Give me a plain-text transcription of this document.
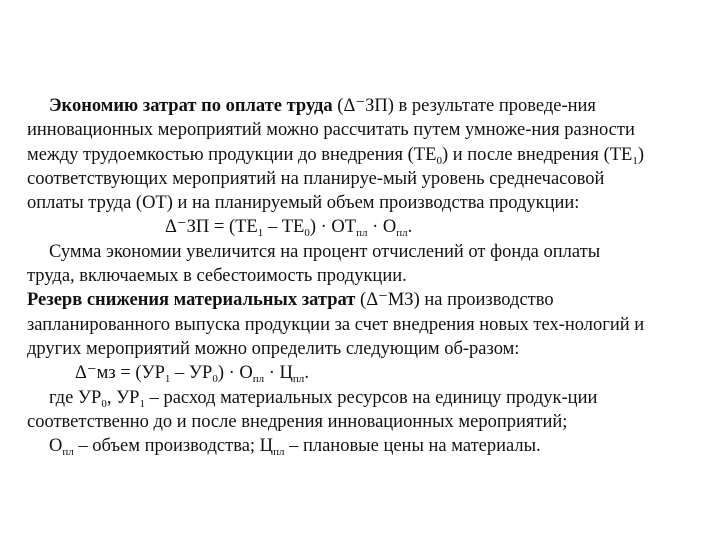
Экономию затрат по оплате труда (Δ⁻ЗП) в результате проведе-ния
инновационных мероприятий можно рассчитать путем умноже-ния разности
между трудоемкостью продукции до внедрения $(ТЕ_0)$ и после внедрения $(ТЕ_1)$
соответствующих мероприятий на планируе-мый уровень среднечасовой
оплаты труда (ОТ) и на планируемый объем производства продукции:
$\Delta^-ЗП = (ТЕ_1 - ТЕ_0) \cdot ОТ_{пл} \cdot О_{пл}$.
Сумма экономии увеличится на процент отчислений от фонда оплаты
труда, включаемых в себестоимость продукции.
Резерв снижения материальных затрат (Δ⁻МЗ) на производство
запланированного выпуска продукции за счет внедрения новых тех-нологий и
других мероприятий можно определить следующим об-разом:
$\Delta^-мз = (УР_1 - УР_0) \cdot О_{пл} \cdot Ц_{пл}$.
где $УР_0$, $УР_1$ – расход материальных ресурсов на единицу продук-ции
соответственно до и после внедрения инновационных мероприятий;
$О_{пл}$ – объем производства; $Ц_{пл}$ – плановые цены на материалы.
